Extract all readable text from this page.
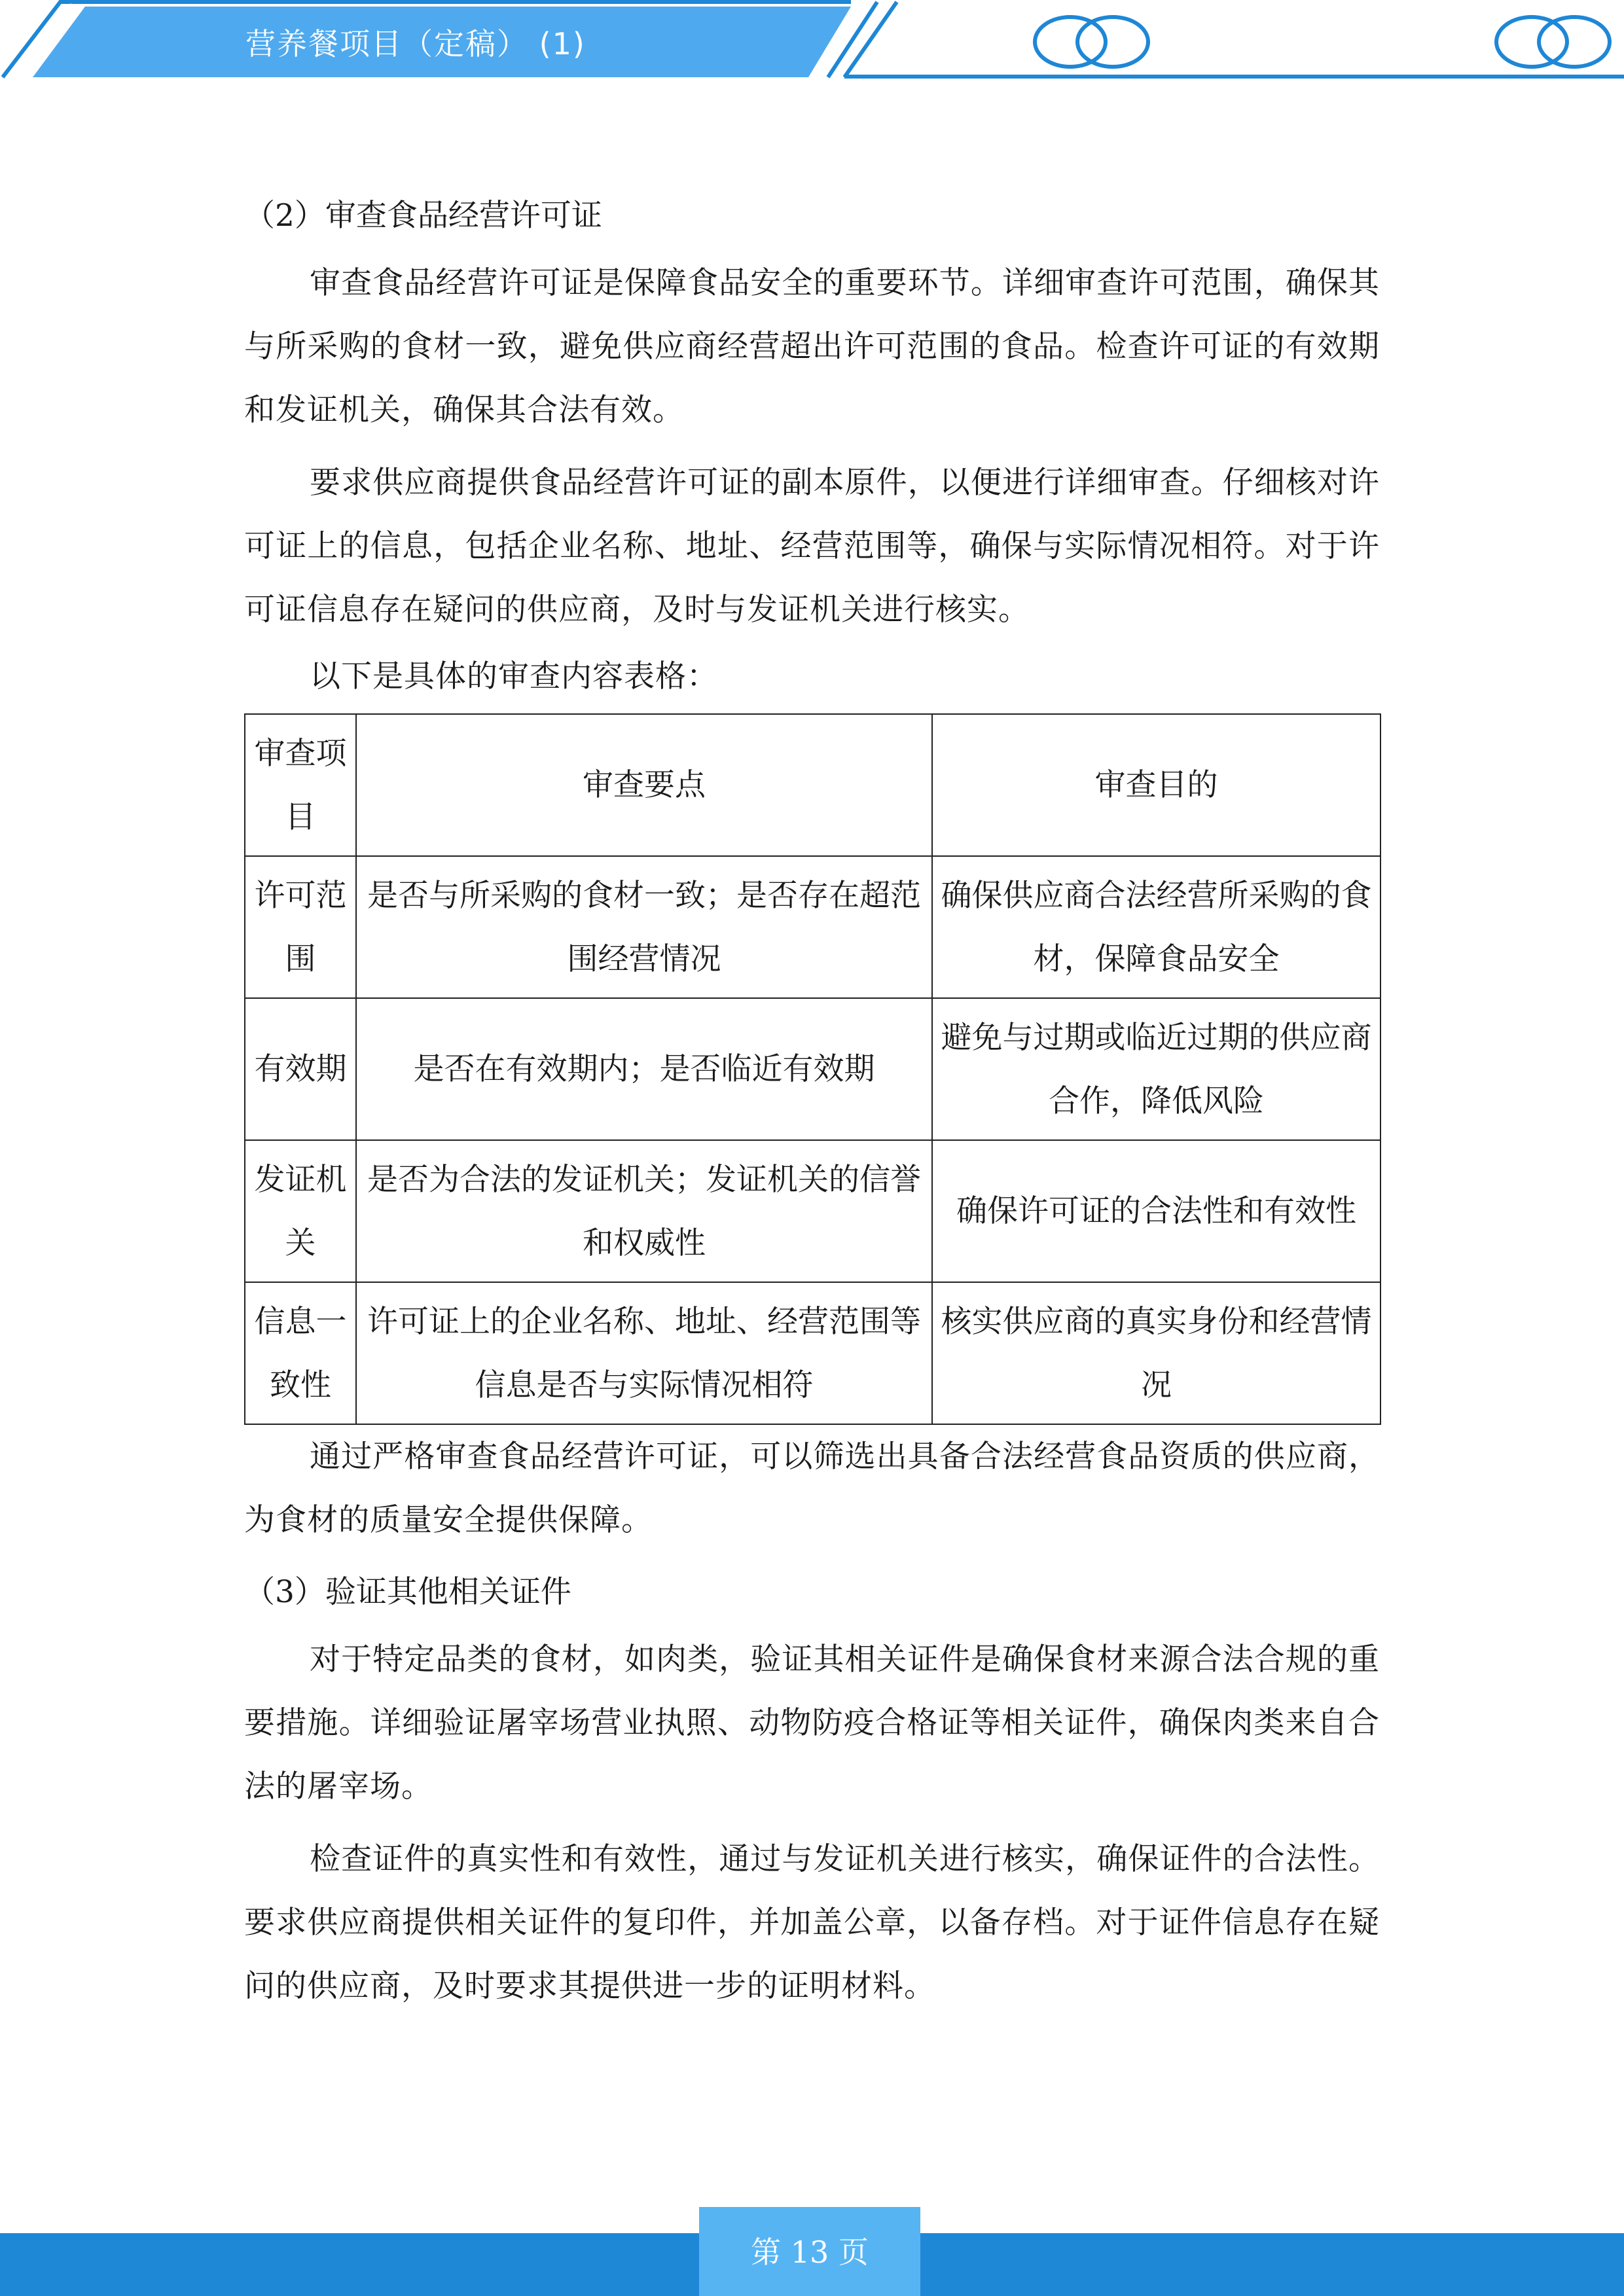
营养餐项目（定稿） (1)

（2）审查食品经营许可证

审查食品经营许可证是保障食品安全的重要环节。详细审查许可范围，确保其与所采购的食材一致，避免供应商经营超出许可范围的食品。检查许可证的有效期和发证机关，确保其合法有效。

要求供应商提供食品经营许可证的副本原件，以便进行详细审查。仔细核对许可证上的信息，包括企业名称、地址、经营范围等，确保与实际情况相符。对于许可证信息存在疑问的供应商，及时与发证机关进行核实。

以下是具体的审查内容表格：

审查项目	审查要点	审查目的
许可范围	是否与所采购的食材一致；是否存在超范围经营情况	确保供应商合法经营所采购的食材，保障食品安全
有效期	是否在有效期内；是否临近有效期	避免与过期或临近过期的供应商合作，降低风险
发证机关	是否为合法的发证机关；发证机关的信誉和权威性	确保许可证的合法性和有效性
信息一致性	许可证上的企业名称、地址、经营范围等信息是否与实际情况相符	核实供应商的真实身份和经营情况

通过严格审查食品经营许可证，可以筛选出具备合法经营食品资质的供应商，为食材的质量安全提供保障。

（3）验证其他相关证件

对于特定品类的食材，如肉类，验证其相关证件是确保食材来源合法合规的重要措施。详细验证屠宰场营业执照、动物防疫合格证等相关证件，确保肉类来自合法的屠宰场。

检查证件的真实性和有效性，通过与发证机关进行核实，确保证件的合法性。要求供应商提供相关证件的复印件，并加盖公章，以备存档。对于证件信息存在疑问的供应商，及时要求其提供进一步的证明材料。

第 13 页
